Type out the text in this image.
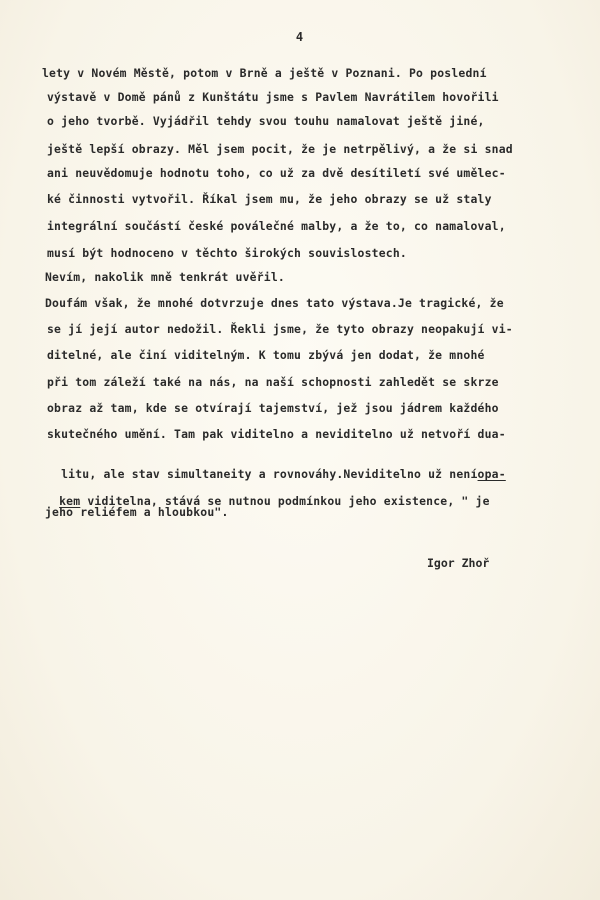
4
lety v Novém Městě, potom v Brně a ještě v Poznani. Po poslední
výstavě v Domě pánů z Kunštátu jsme s Pavlem Navrátilem hovořili
o jeho tvorbě. Vyjádřil tehdy svou touhu namalovat ještě jiné,
ještě lepší obrazy. Měl jsem pocit, že je netrpělivý, a že si snad
ani neuvědomuje hodnotu toho, co už za dvě desítiletí své umělec-
ké činnosti vytvořil. Říkal jsem mu, že jeho obrazy se už staly
integrální součástí české poválečné malby, a že to, co namaloval,
musí být hodnoceno v těchto širokých souvislostech.
Nevím, nakolik mně tenkrát uvěřil.
Doufám však, že mnohé dotvrzuje dnes tato výstava.Je tragické, že
se jí její autor nedožil. Řekli jsme, že tyto obrazy neopakují vi-
ditelné, ale činí viditelným. K tomu zbývá jen dodat, že mnohé
při tom záleží také na nás, na naší schopnosti zahledět se skrze
obraz až tam, kde se otvírají tajemství, jež jsou jádrem každého
skutečného umění. Tam pak viditelno a neviditelno už netvoří dua-

litu, ale stav simultaneity a rovnováhy.Neviditelno už neníopa-

kem viditelna, stává se nutnou podmínkou jeho existence, " je

jeho reliéfem a hloubkou".
Igor Zhoř
